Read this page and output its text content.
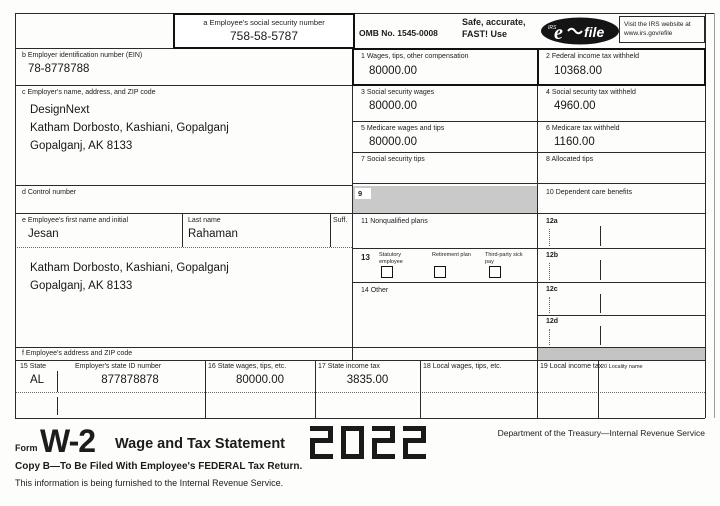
a Employee's social security number
758-58-5787	OMB No. 1545-0008
Safe, accurate,
FAST! Use
IRS
e file	Visit the IRS website at
www.irs.gov/efile
b Employer identification number (EIN)
78-8778788
c Employer's name, address, and ZIP code
DesignNext
Katham Dorbosto, Kashiani, Gopalganj
Gopalganj, AK 8133
d Control number
e Employee's first name and initial	Last name	Suff.
Jesan	Rahaman
Katham Dorbosto, Kashiani, Gopalganj
Gopalganj, AK 8133
f Employee's address and ZIP code
1 Wages, tips, other compensation
80000.00
2 Federal income tax withheld
10368.00
3 Social security wages
80000.00
4 Social security tax withheld
4960.00
5 Medicare wages and tips
80000.00
6 Medicare tax withheld
1160.00
7 Social security tips	8 Allocated tips
9	10 Dependent care benefits
11 Nonqualified plans
13 Statutory employee
Retirement plan	Third-party sick pay
14 Other
12a
12b
12c
12d
15 State	Employer's state ID number	16 State wages, tips, etc.	17 State income tax	18 Local wages, tips, etc.	19 Local income tax
20 Locality name
AL	877878878	80000.00	3835.00
Form W-2 Wage and Tax Statement
Department of the Treasury—Internal Revenue Service
Copy B—To Be Filed With Employee's FEDERAL Tax Return.
This information is being furnished to the Internal Revenue Service.
